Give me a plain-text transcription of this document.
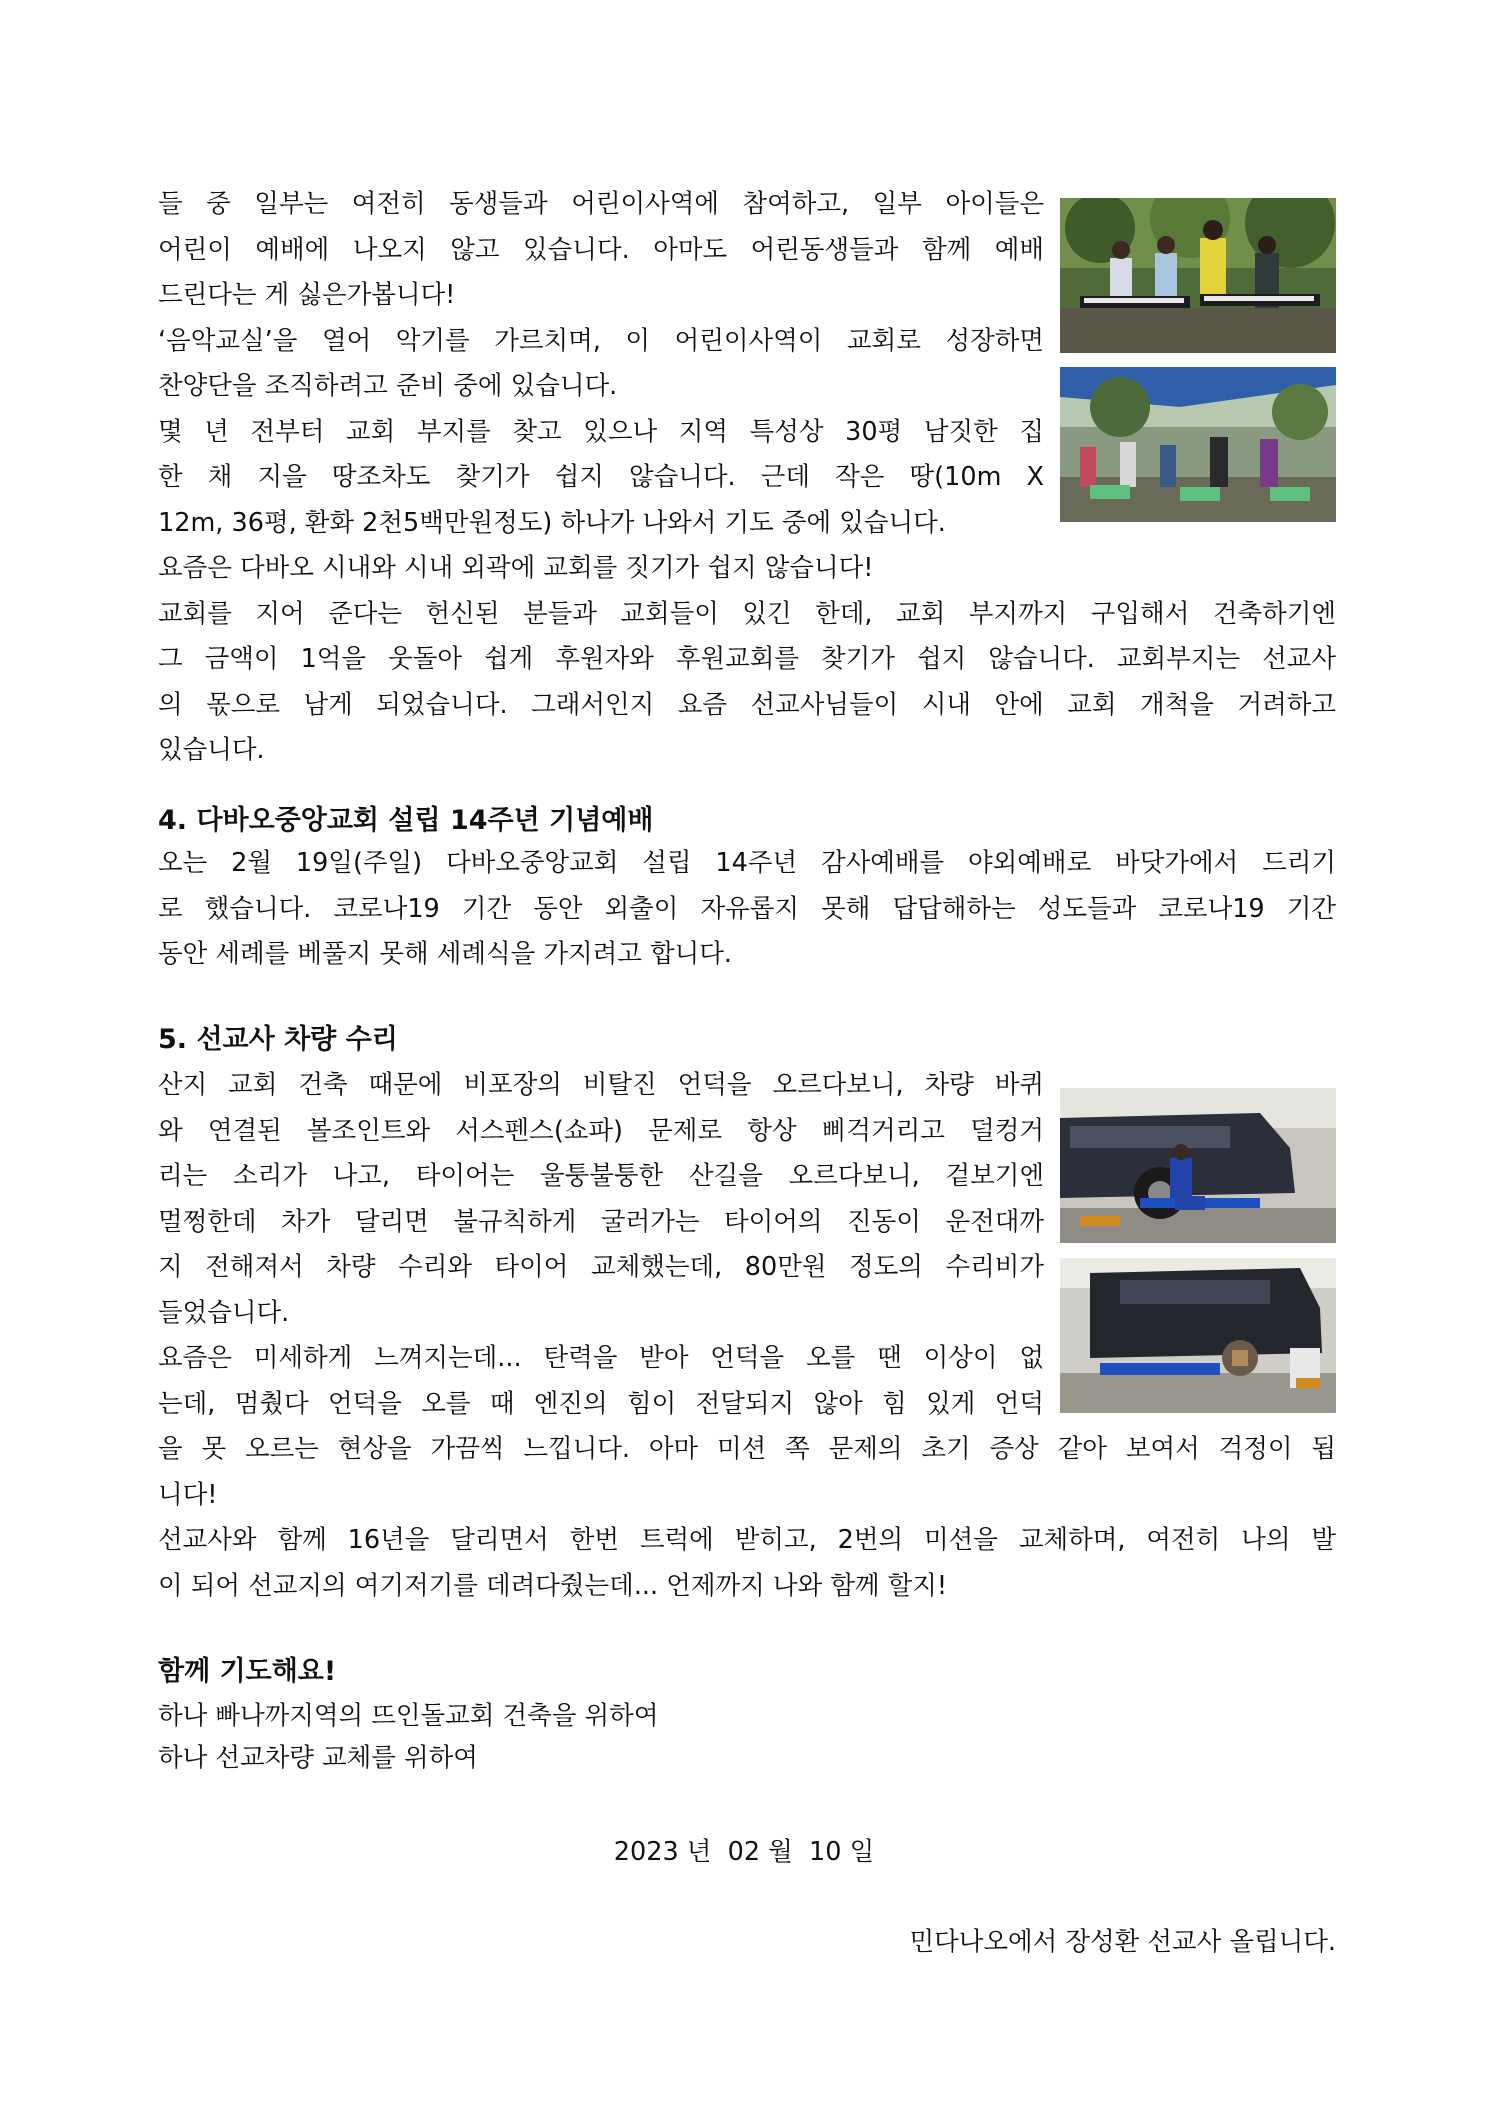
들 중 일부는 여전히 동생들과 어린이사역에 참여하고, 일부 아이들은
어린이 예배에 나오지 않고 있습니다. 아마도 어린동생들과 함께 예배
드린다는 게 싫은가봅니다!
‘음악교실’을 열어 악기를 가르치며, 이 어린이사역이 교회로 성장하면
찬양단을 조직하려고 준비 중에 있습니다.
몇 년 전부터 교회 부지를 찾고 있으나 지역 특성상 30평 남짓한 집
한 채 지을 땅조차도 찾기가 쉽지 않습니다. 근데 작은 땅(10m X
12m, 36평, 환화 2천5백만원정도) 하나가 나와서 기도 중에 있습니다.
요즘은 다바오 시내와 시내 외곽에 교회를 짓기가 쉽지 않습니다!
교회를 지어 준다는 헌신된 분들과 교회들이 있긴 한데, 교회 부지까지 구입해서 건축하기엔
그 금액이 1억을 웃돌아 쉽게 후원자와 후원교회를 찾기가 쉽지 않습니다. 교회부지는 선교사
의 몫으로 남게 되었습니다. 그래서인지 요즘 선교사님들이 시내 안에 교회 개척을 거려하고
있습니다.
4. 다바오중앙교회 설립 14주년 기념예배
오는 2월 19일(주일) 다바오중앙교회 설립 14주년 감사예배를 야외예배로 바닷가에서 드리기
로 했습니다. 코로나19 기간 동안 외출이 자유롭지 못해 답답해하는 성도들과 코로나19 기간
동안 세례를 베풀지 못해 세례식을 가지려고 합니다.
5. 선교사 차량 수리
산지 교회 건축 때문에 비포장의 비탈진 언덕을 오르다보니, 차량 바퀴
와 연결된 볼조인트와 서스펜스(쇼파) 문제로 항상 삐걱거리고 덜컹거
리는 소리가 나고, 타이어는 울퉁불퉁한 산길을 오르다보니, 겉보기엔
멀쩡한데 차가 달리면 불규칙하게 굴러가는 타이어의 진동이 운전대까
지 전해져서 차량 수리와 타이어 교체했는데, 80만원 정도의 수리비가
들었습니다.
요즘은 미세하게 느껴지는데... 탄력을 받아 언덕을 오를 땐 이상이 없
는데, 멈췄다 언덕을 오를 때 엔진의 힘이 전달되지 않아 힘 있게 언덕
을 못 오르는 현상을 가끔씩 느낍니다. 아마 미션 쪽 문제의 초기 증상 같아 보여서 걱정이 됩
니다!
선교사와 함께 16년을 달리면서 한번 트럭에 받히고, 2번의 미션을 교체하며, 여전히 나의 발
이 되어 선교지의 여기저기를 데려다줬는데... 언제까지 나와 함께 할지!
함께 기도해요!
하나 빠나까지역의 뜨인돌교회 건축을 위하여
하나 선교차량 교체를 위하여
2023 년  02 월  10 일
민다나오에서 장성환 선교사 올립니다.
